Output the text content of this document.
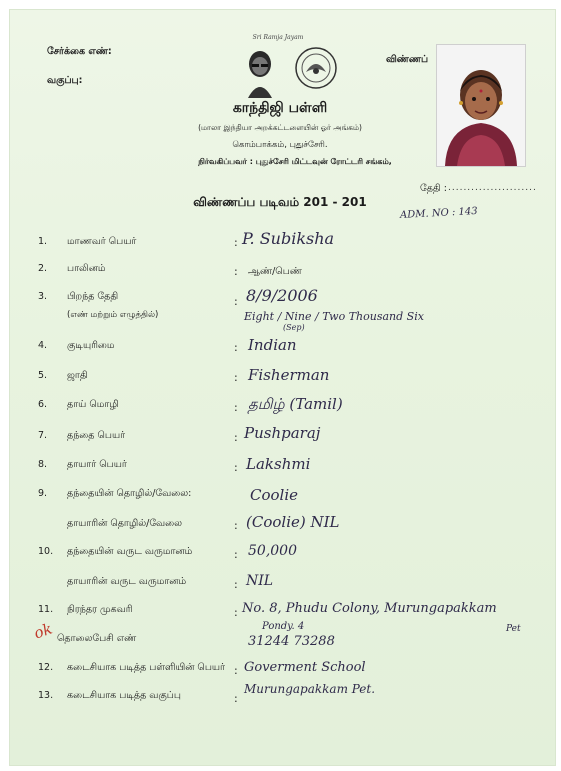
சேர்க்கை எண்:
வகுப்பு:
விண்ணப்
Sri Ramja Jayam
காந்திஜி பள்ளி
(மாலா இந்தியா அறக்கட்டளையின் ஓர் அங்கம்)
கொம்பாக்கம், புதுச்சேரி.
நிர்வகிப்பவர் : புதுச்சேரி மிட்டவுன் ரோட்டரி சங்கம்,
தேதி : .......................
விண்ணப்ப படிவம் 201 - 201
ADM. NO : 143
1. மாணவர் பெயர்	: P. Subiksha
2. பாலினம்	: ஆண்/பெண்
3. பிறந்த தேதி
(எண் மற்றும் எழுத்தில்)
: 8/9/2006
Eight / Nine / Two Thousand Six
(Sep)
4. குடியுரிமை	: Indian
5. ஜாதி	: Fisherman
6. தாய் மொழி	: தமிழ் (Tamil)
7. தந்தை பெயர்	: Pushparaj
8. தாயார் பெயர்	: Lakshmi
9. தந்தையின் தொழில்/வேலை:	Coolie
தாயாரின் தொழில்/வேலை	: (Coolie) NIL
10. தந்தையின் வருட வருமானம்	: 50,000
தாயாரின் வருட வருமானம்	: NIL
11. நிரந்தர முகவரி	: No. 8, Phudu Colony, Murungapakkam
Pondy. 4	Pet
ok தொலைபேசி எண்	31244 73288
12. கடைசியாக படித்த பள்ளியின் பெயர் : Goverment School
13. கடைசியாக படித்த வகுப்பு	:
Murungapakkam Pet.
